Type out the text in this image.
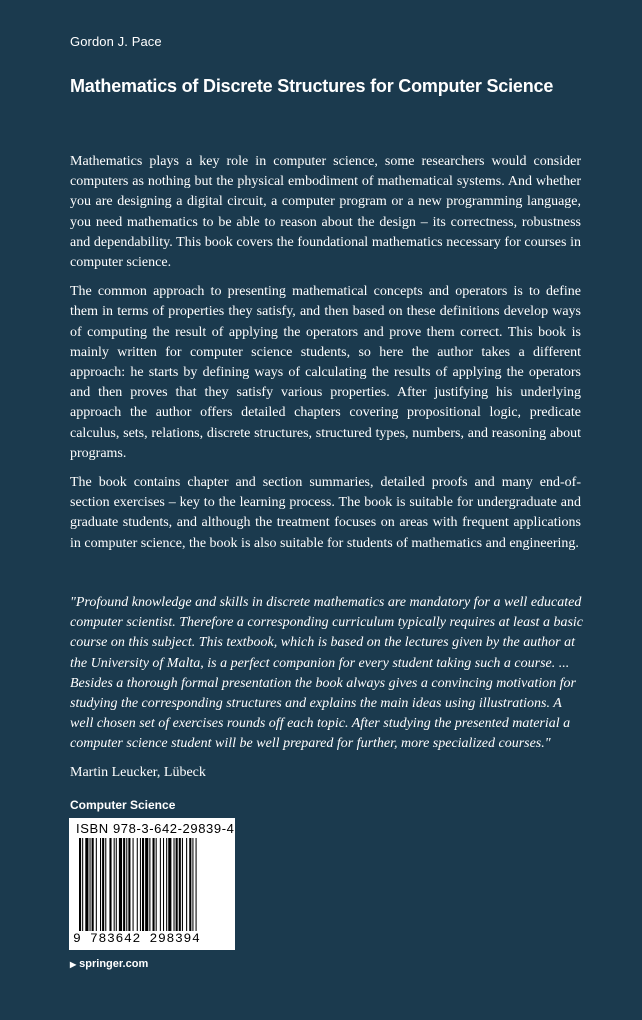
Gordon J. Pace
Mathematics of Discrete Structures for Computer Science

Mathematics plays a key role in computer science, some researchers would consider computers as nothing but the physical embodiment of mathematical systems. And whether you are designing a digital circuit, a computer program or a new programming language, you need mathematics to be able to reason about the design – its correctness, robustness and dependability. This book covers the foundational mathematics necessary for courses in computer science.

The common approach to presenting mathematical concepts and operators is to define them in terms of properties they satisfy, and then based on these definitions develop ways of computing the result of applying the operators and prove them correct. This book is mainly written for computer science students, so here the author takes a different approach: he starts by defining ways of calculating the results of applying the operators and then proves that they satisfy various properties. After justifying his underlying approach the author offers detailed chapters covering propositional logic, predicate calculus, sets, relations, discrete structures, structured types, numbers, and reasoning about programs.

The book contains chapter and section summaries, detailed proofs and many end-of-section exercises – key to the learning process. The book is suitable for undergraduate and graduate students, and although the treatment focuses on areas with frequent applications in computer science, the book is also suitable for students of mathematics and engineering.

"Profound knowledge and skills in discrete mathematics are mandatory for a well educated computer scientist. Therefore a corresponding curriculum typically requires at least a basic course on this subject. This textbook, which is based on the lectures given by the author at the University of Malta, is a perfect companion for every student taking such a course. ... Besides a thorough formal presentation the book always gives a convincing motivation for studying the corresponding structures and explains the main ideas using illustrations. A well chosen set of exercises rounds off each topic. After studying the presented material a computer science student will be well prepared for further, more specialized courses."

Martin Leucker, Lübeck

Computer Science
ISBN 978-3-642-29839-4
9 783642 298394
▶ springer.com
